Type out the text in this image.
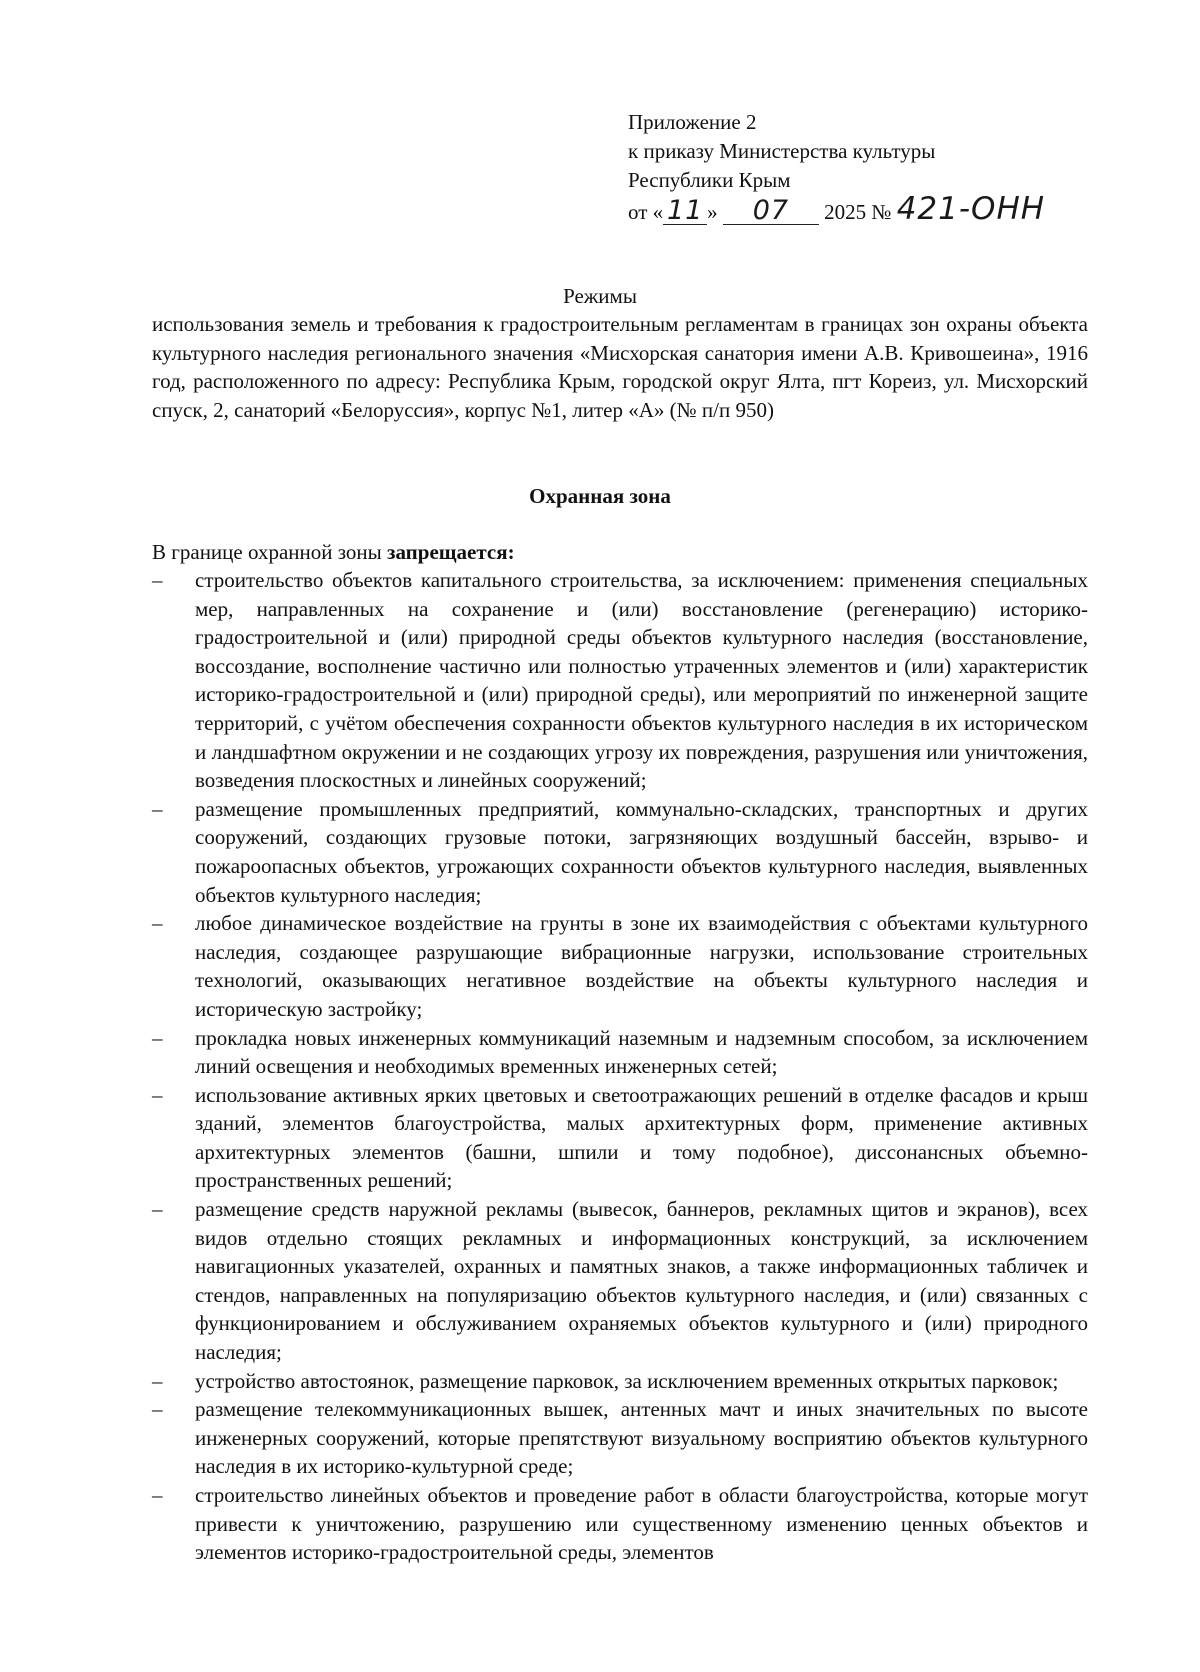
Приложение 2
к приказу Министерства культуры
Республики Крым
от « 11 » 07 2025 № 421-ОНН
Режимы
использования земель и требования к градостроительным регламентам в границах зон охраны объекта культурного наследия регионального значения «Мисхорская санатория имени А.В. Кривошеина», 1916 год, расположенного по адресу: Республика Крым, городской округ Ялта, пгт Кореиз, ул. Мисхорский спуск, 2, санаторий «Белоруссия», корпус №1, литер «А» (№ п/п 950)
Охранная зона
В границе охранной зоны запрещается:
– строительство объектов капитального строительства, за исключением: применения специальных мер, направленных на сохранение и (или) восстановление (регенерацию) историко-градостроительной и (или) природной среды объектов культурного наследия (восстановление, воссоздание, восполнение частично или полностью утраченных элементов и (или) характеристик историко-градостроительной и (или) природной среды), или мероприятий по инженерной защите территорий, с учётом обеспечения сохранности объектов культурного наследия в их историческом и ландшафтном окружении и не создающих угрозу их повреждения, разрушения или уничтожения, возведения плоскостных и линейных сооружений;
– размещение промышленных предприятий, коммунально-складских, транспортных и других сооружений, создающих грузовые потоки, загрязняющих воздушный бассейн, взрыво- и пожароопасных объектов, угрожающих сохранности объектов культурного наследия, выявленных объектов культурного наследия;
– любое динамическое воздействие на грунты в зоне их взаимодействия с объектами культурного наследия, создающее разрушающие вибрационные нагрузки, использование строительных технологий, оказывающих негативное воздействие на объекты культурного наследия и историческую застройку;
– прокладка новых инженерных коммуникаций наземным и надземным способом, за исключением линий освещения и необходимых временных инженерных сетей;
– использование активных ярких цветовых и светоотражающих решений в отделке фасадов и крыш зданий, элементов благоустройства, малых архитектурных форм, применение активных архитектурных элементов (башни, шпили и тому подобное), диссонансных объемно-пространственных решений;
– размещение средств наружной рекламы (вывесок, баннеров, рекламных щитов и экранов), всех видов отдельно стоящих рекламных и информационных конструкций, за исключением навигационных указателей, охранных и памятных знаков, а также информационных табличек и стендов, направленных на популяризацию объектов культурного наследия, и (или) связанных с функционированием и обслуживанием охраняемых объектов культурного и (или) природного наследия;
– устройство автостоянок, размещение парковок, за исключением временных открытых парковок;
– размещение телекоммуникационных вышек, антенных мачт и иных значительных по высоте инженерных сооружений, которые препятствуют визуальному восприятию объектов культурного наследия в их историко-культурной среде;
– строительство линейных объектов и проведение работ в области благоустройства, которые могут привести к уничтожению, разрушению или существенному изменению ценных объектов и элементов историко-градостроительной среды, элементов
